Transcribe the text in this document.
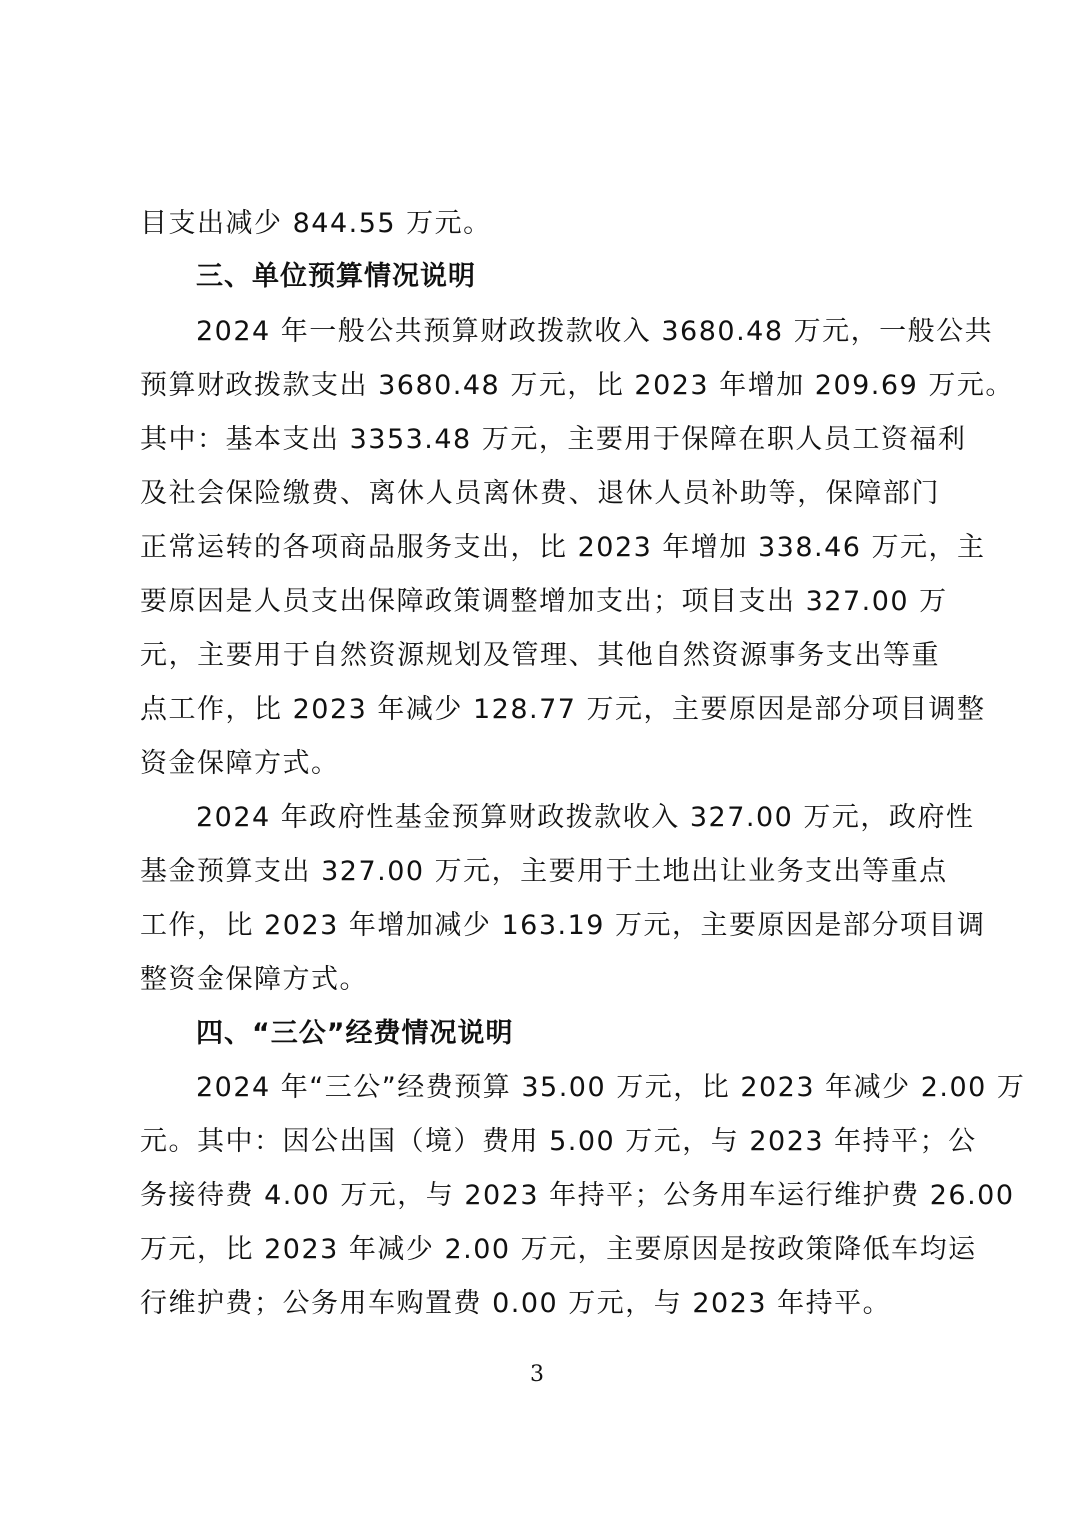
目支出减少 844.55 万元。
三、单位预算情况说明
2024 年一般公共预算财政拨款收入 3680.48 万元，一般公共
预算财政拨款支出 3680.48 万元，比 2023 年增加 209.69 万元。
其中：基本支出 3353.48 万元，主要用于保障在职人员工资福利
及社会保险缴费、离休人员离休费、退休人员补助等，保障部门
正常运转的各项商品服务支出，比 2023 年增加 338.46 万元，主
要原因是人员支出保障政策调整增加支出；项目支出 327.00 万
元，主要用于自然资源规划及管理、其他自然资源事务支出等重
点工作，比 2023 年减少 128.77 万元，主要原因是部分项目调整
资金保障方式。
2024 年政府性基金预算财政拨款收入 327.00 万元，政府性
基金预算支出 327.00 万元，主要用于土地出让业务支出等重点
工作，比 2023 年增加减少 163.19 万元，主要原因是部分项目调
整资金保障方式。
四、“三公”经费情况说明
2024 年“三公”经费预算 35.00 万元，比 2023 年减少 2.00 万
元。其中：因公出国（境）费用 5.00 万元，与 2023 年持平；公
务接待费 4.00 万元，与 2023 年持平；公务用车运行维护费 26.00
万元，比 2023 年减少 2.00 万元，主要原因是按政策降低车均运
行维护费；公务用车购置费 0.00 万元，与 2023 年持平。
3
